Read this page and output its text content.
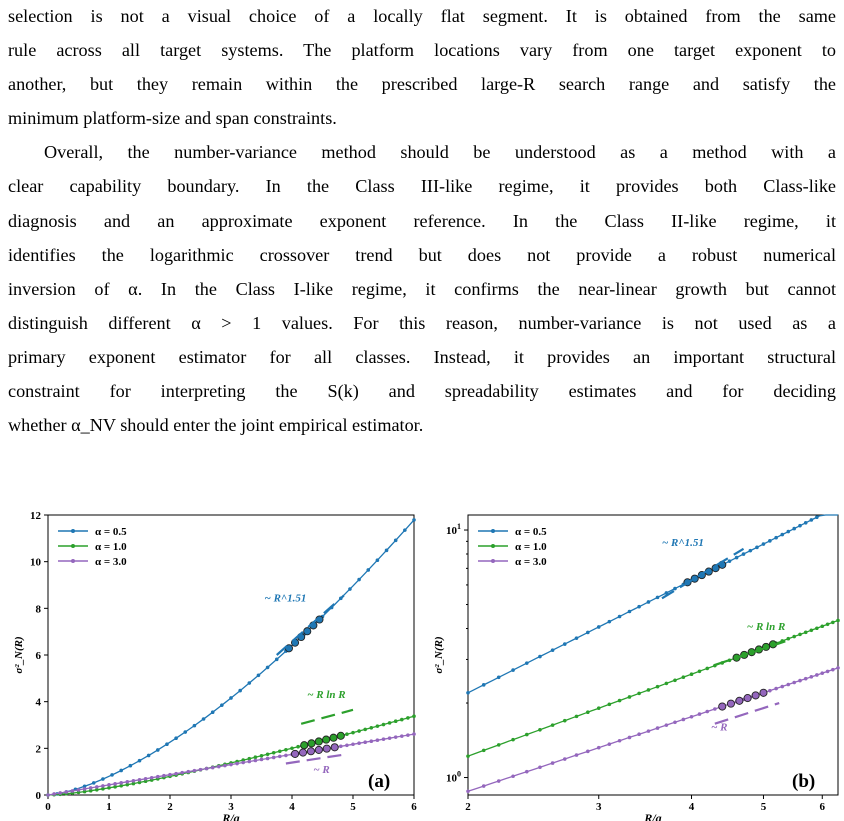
selection is not a visual choice of a locally flat segment. It is obtained from the same
rule across all target systems. The platform locations vary from one target exponent to
another, but they remain within the prescribed large-R search range and satisfy the
minimum platform-size and span constraints.
Overall, the number-variance method should be understood as a method with a
clear capability boundary. In the Class III-like regime, it provides both Class-like
diagnosis and an approximate exponent reference. In the Class II-like regime, it
identifies the logarithmic crossover trend but does not provide a robust numerical
inversion of α. In the Class I-like regime, it confirms the near-linear growth but cannot
distinguish different α > 1 values. For this reason, number-variance is not used as a
primary exponent estimator for all classes. Instead, it provides an important structural
constraint for interpreting the S(k) and spreadability estimates and for deciding
whether α_NV should enter the joint empirical estimator.
0	1	2	3	4	5	6
0
2
4
6
8
10
12
R/a
σ²_N(R)
~ R^1.51
~ R ln R
~ R
α = 0.5
α = 1.0
α = 3.0
(a)
2	3	4	5	6
$10^0$
$10^1$
R/a
σ²_N(R)
~ R^1.51
~ R ln R
~ R
α = 0.5
α = 1.0
α = 3.0
(b)
